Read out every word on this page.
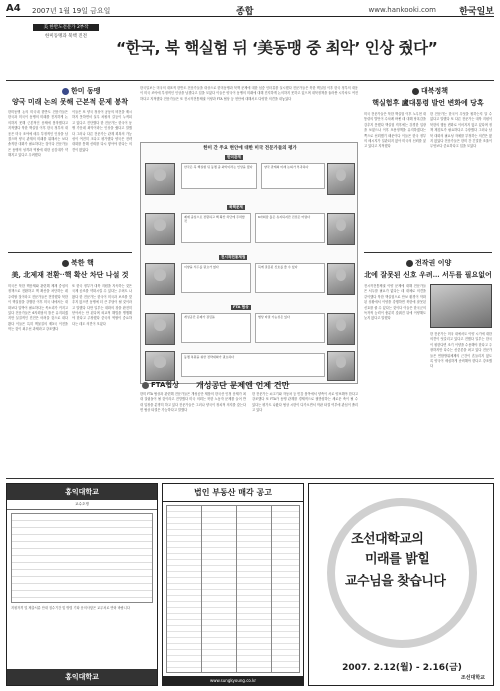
A4 2007년 1월 19일 금요일	종합	www.hankooki.com	한국일보
美 한반도전문가 2부작
한미동맹과 북핵 진전
“한국, 북 핵실험 뒤 ‘美동맹 중 최악’ 인상 줬다”
한미 동맹
양국 미래 논의 못해 근본적 문제 봉착
한미동맹 논의 미국내 한반도 전문가들은 한국과 미국이 동맹의 미래를 진지하게 논의하지 못해 근본적인 문제에 봉착했다고 지적했다 북한 핵실험 이후 한국 정부의 대응은 미국 조야에 매우 부정적인 인상을 남겼으며 양국 관계의 미래를 위해서는 보다 솔직한 대화가 필요하다는 것이다 전문가들은 동맹의 성격과 역할에 대한 공감대가 약해지고 있다고 우려했다
이들은 또 양국 정상이 공동의 비전을 제시하지 못하면서 실무 차원의 갈등이 누적되고 있다고 진단했다 한 전문가는 한국이 동맹 가운데 최악이라는 인상을 줬다고 말했다 그러나 다른 전문가는 관계 회복의 가능성이 여전히 크다고 평가했다 양국은 전략대화를 통해 신뢰를 다시 쌓아야 한다는 의견이 많았다
북한 핵
美, 北제재 전환··핵 확산 차단 나설 것
미국은 북한 핵문제와 관련해 제재 중심의 정책으로 전환하고 핵 확산을 차단하는 데 주력할 것이라고 전문가들은 전망했다 북한이 핵실험을 강행한 이후 미국 내에서는 대화보다 압박이 필요하다는 목소리가 커지고 있다 전문가들은 6자회담의 틀은 유지되겠지만 실질적인 진전은 어려울 것으로 내다봤다 이들은 특히 핵물질의 제3국 이전을 막는 것이 최우선 과제라고 강조했다
또 한국 정부가 대북 지원을 지속하는 것은 국제 공조를 약화시킬 수 있다는 우려도 나왔다 한 전문가는 한국이 미국과 보조를 맞추지 않으면 동맹에 더 큰 부담이 될 것이라고 말했다 다만 일부는 대화의 창을 완전히 닫아서는 안 된다며 외교적 해법을 병행해야 한다고 주장했다 중국의 역할이 중요하다는 데도 의견이 모였다
한국일보는 미국의 대표적 한반도 전문가들을 대상으로 한미동맹과 북핵 문제에 대한 심층 인터뷰를 실시했다 전문가들은 북한 핵실험 이후 한국 정부의 대응이 미국 조야에 부정적인 인상을 남겼다고 입을 모았다 이들은 양국이 동맹의 미래에 대해 진지하게 논의하지 못하고 있으며 대북정책을 둘러싼 시각차도 여전하다고 지적했다 전문가들은 또 전시작전통제권 이양과 FTA 협상 등 현안에 대해서도 다양한 의견을 내놓았다
한미 간 주요 현안에 대한 미국 전문가들의 평가
한미관계
한국은 북 핵실험 뒤 동맹 중 최악이라는 인상을 줬다	양국 관계의 미래 논의가 부족하다
북핵문제
제재 중심으로 전환하고 핵 확산 차단에 주력할 것
6자회담 틀은 유지되지만 진전은 어렵다
전시작전통제권
이양을 서두를 필요가 없다	북에 잘못된 신호를 줄 수 있다
FTA 협상
개성공단 문제가 걸림돌	협상 타결 가능성은 있다
동맹 복원을 위한 전략대화가 필요하다
FTA협상 개성공단 문제엔 언제 건만
한미 FTA 협상과 관련해 전문가들은 개성공단 제품의 한국산 인정 문제가 최대 걸림돌이 될 것이라고 전망했다 미국 의회는 북한 노동자 문제를 들어 반대 입장을 분명히 하고 있다 전문가들은 그러나 양국이 정치적 의지를 갖는다면 협상 타결은 가능하다고 말했다
한 전문가는 쇠고기와 자동차 등 민감 품목에서 양측이 서로 양보해야 한다고 강조했다 또 FTA가 동맹 관계를 경제적으로 뒷받침하는 새로운 축이 될 수 있다는 평가도 나왔다 협상 시한이 다가오면서 막판 타결 여부에 관심이 쏠리고 있다
대북정책
핵실험후 盧대통령 발언 변화에 당혹
미국 전문가들은 북한 핵실험 이후 노무현 대통령의 발언이 수차례 바뀐 데 대해 당혹감을 감추지 못했다 핵실험 직후에는 강경한 입장을 보였으나 이후 포용정책을 유지하겠다는 쪽으로 선회했기 때문이다 이들은 한국 정부의 메시지가 일관되지 않아 미국의 신뢰를 잃고 있다고 지적했다
한 전문가는 한국이 무엇을 원하는지 알 수 없다고 말했다 또 다른 전문가는 대북 지원이 북한의 행동 변화로 이어지지 않고 있다며 정책 재검토가 필요하다고 주장했다 그러나 남북 대화의 필요성 자체를 부정하는 의견은 많지 않았다 전문가들은 한미 간 긴밀한 조율이 무엇보다 중요하다고 입을 모았다
전작권 이양
北에 잘못된 신호 우려… 서두를 필요없어
전시작전통제권 이양 문제에 대해 전문가들은 서두를 필요가 없다는 데 대체로 의견을 같이했다 북한 핵실험으로 안보 환경이 악화된 상황에서 이양을 강행하면 북한에 잘못된 신호를 줄 수 있다는 것이다 이들은 한국군의 독자적 능력이 충분히 갖춰진 뒤에 이양해도 늦지 않다고 말했다
한 전문가는 미국 내에서도 이양 시기에 대한 의견이 엇갈리고 있다고 전했다 일부는 한국이 원한다면 조기 이양을 수용해야 한다고 주장하지만 다수는 신중론을 펴고 있다 전문가들은 연합방위체제의 근간이 흔들리지 않도록 양국이 세심하게 준비해야 한다고 강조했다
홍익대학교
교수초빙
지원자격 및 제출서류 안내 접수기간 및 방법 기타 문의사항은 교무처로 연락 바랍니다
홍익대학교
법인 부동산 매각 공고
www.sungkyoung.co.kr
조선대학교의
미래를 밝힐
교수님을 찾습니다
2007. 2.12(월) - 2.16(금)
조선대학교
